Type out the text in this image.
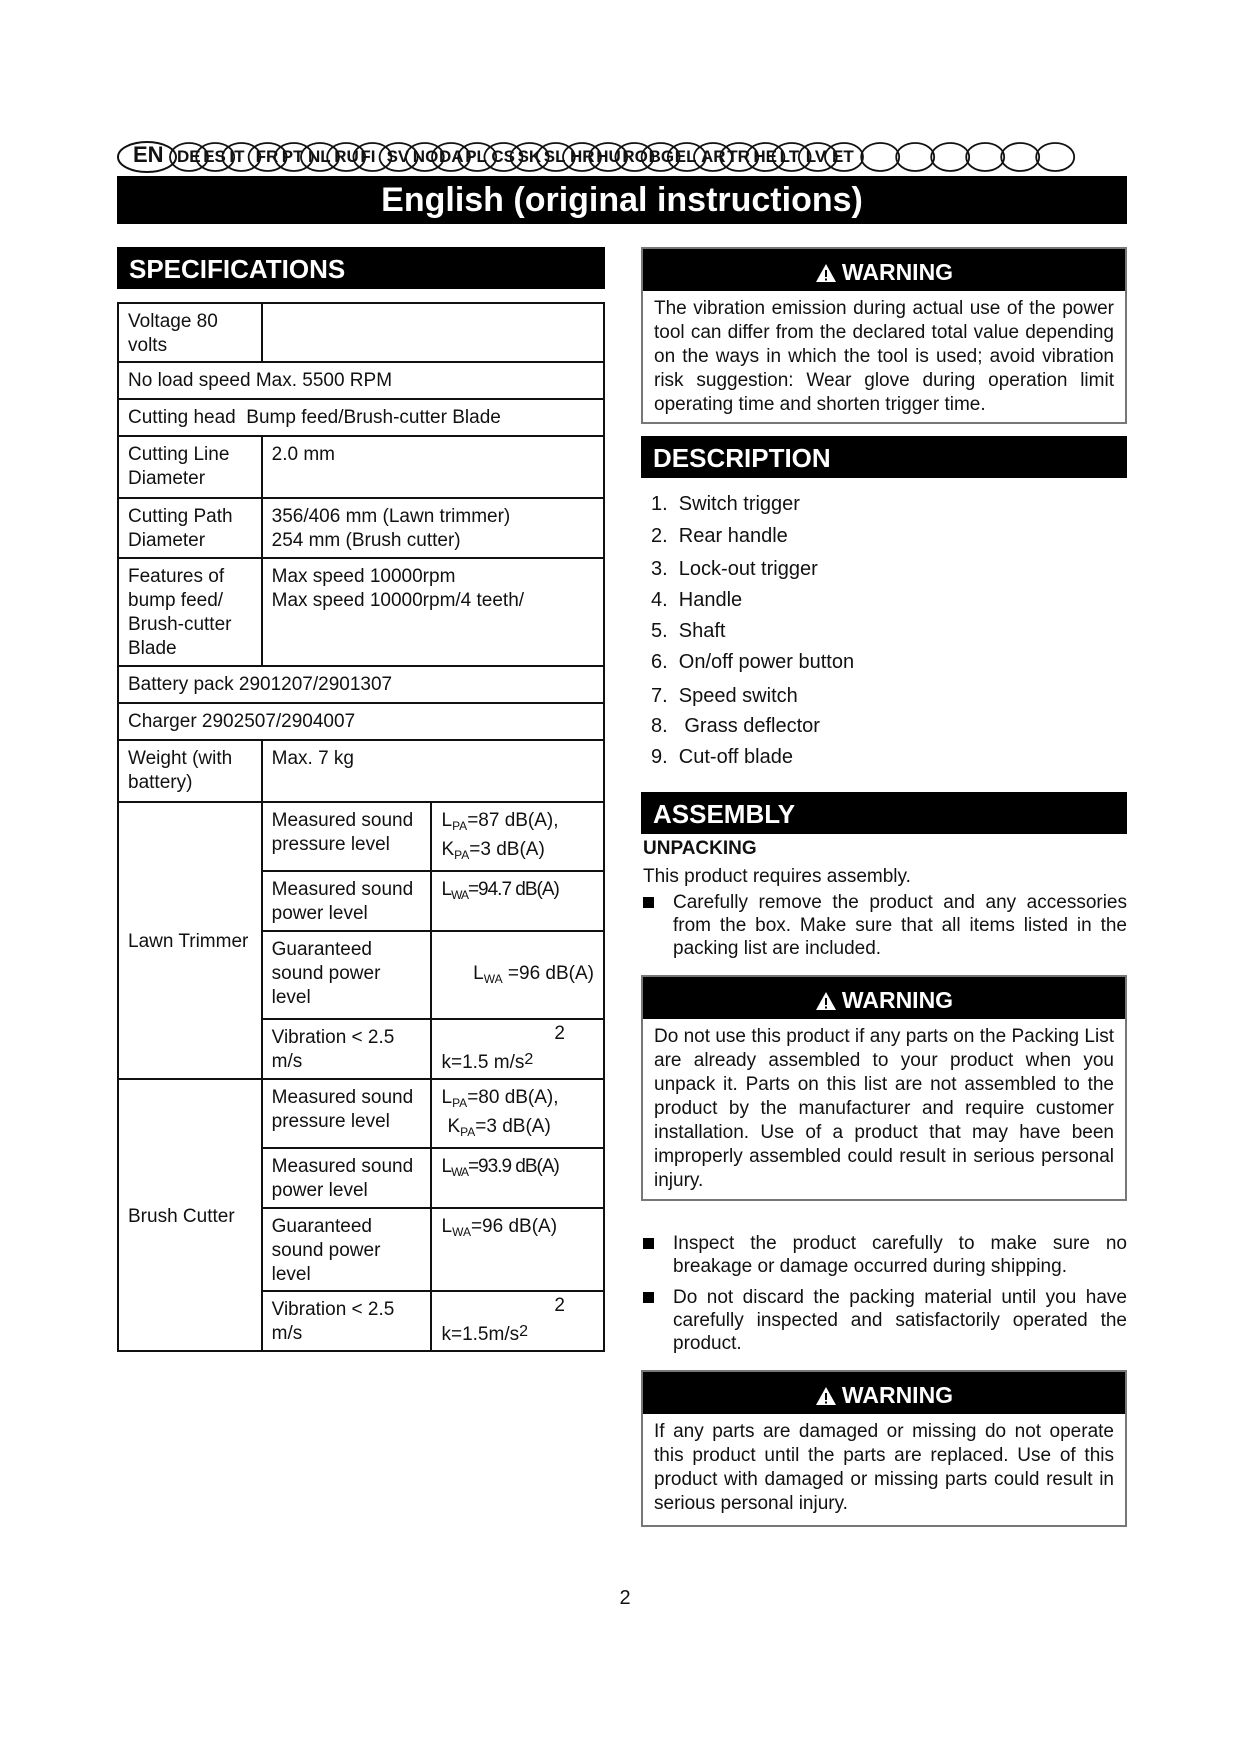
EN DE ES IT FR PT NL RU FI SV NO DA PL CS SK SL HR HU RO BG EL AR TR HE LT LV ET
English (original instructions)
SPECIFICATIONS
Voltage 80 volts		
No load speed Max. 5500 RPM		
Cutting head  Bump feed/Brush-cutter Blade		
Cutting Line Diameter	2.0 mm	
Cutting Path Diameter	356/406 mm (Lawn trimmer)
254 mm (Brush cutter)	
Features of bump feed/ Brush-cutter Blade	Max speed 10000rpm
Max speed 10000rpm/4 teeth/	
Battery pack 2901207/2901307		
Charger 2902507/2904007		
Weight (with battery)	Max. 7 kg	
Lawn Trimmer	Measured sound pressure level	$L_{PA}=87$ dB(A),
$K_{PA}=3$ dB(A)
	Measured sound power level	$L_{WA}=94.7$ dB(A)
	Guaranteed sound power level	$L_{WA} =96$ dB(A)

	Vibration < 2.5 m/s	2
k=1.5 $m/s^2$

Brush Cutter	Measured sound pressure level	$L_{PA}=80$ dB(A),
$K_{PA}=3$ dB(A)
	Measured sound power level	$L_{WA}=93.9$ dB(A)
	Guaranteed sound power level	$L_{WA}=96$ dB(A)
	Vibration < 2.5 m/s	2
$k=1.5m/s^2$
WARNING
The vibration emission during actual use of the power tool can differ from the declared total value depending on the ways in which the tool is used; avoid vibration risk suggestion: Wear glove during operation limit operating time and shorten trigger time.
DESCRIPTION
1.  Switch trigger
2.  Rear handle
3.  Lock-out trigger
4.  Handle
5.  Shaft
6.  On/off power button
7.  Speed switch
8.   Grass deflector
9.  Cut-off blade
ASSEMBLY
UNPACKING
This product requires assembly.
Carefully remove the product and any accessories from the box. Make sure that all items listed in the packing list are included.
WARNING
Do not use this product if any parts on the Packing List are already assembled to your product when you unpack it. Parts on this list are not assembled to the product by the manufacturer and require customer installation. Use of a product that may have been improperly assembled could result in serious personal injury.
Inspect the product carefully to make sure no breakage or damage occurred during shipping.
Do not discard the packing material until you have carefully inspected and satisfactorily operated the product.
WARNING
If any parts are damaged or missing do not operate this product until the parts are replaced. Use of this product with damaged or missing parts could result in serious personal injury.
2
